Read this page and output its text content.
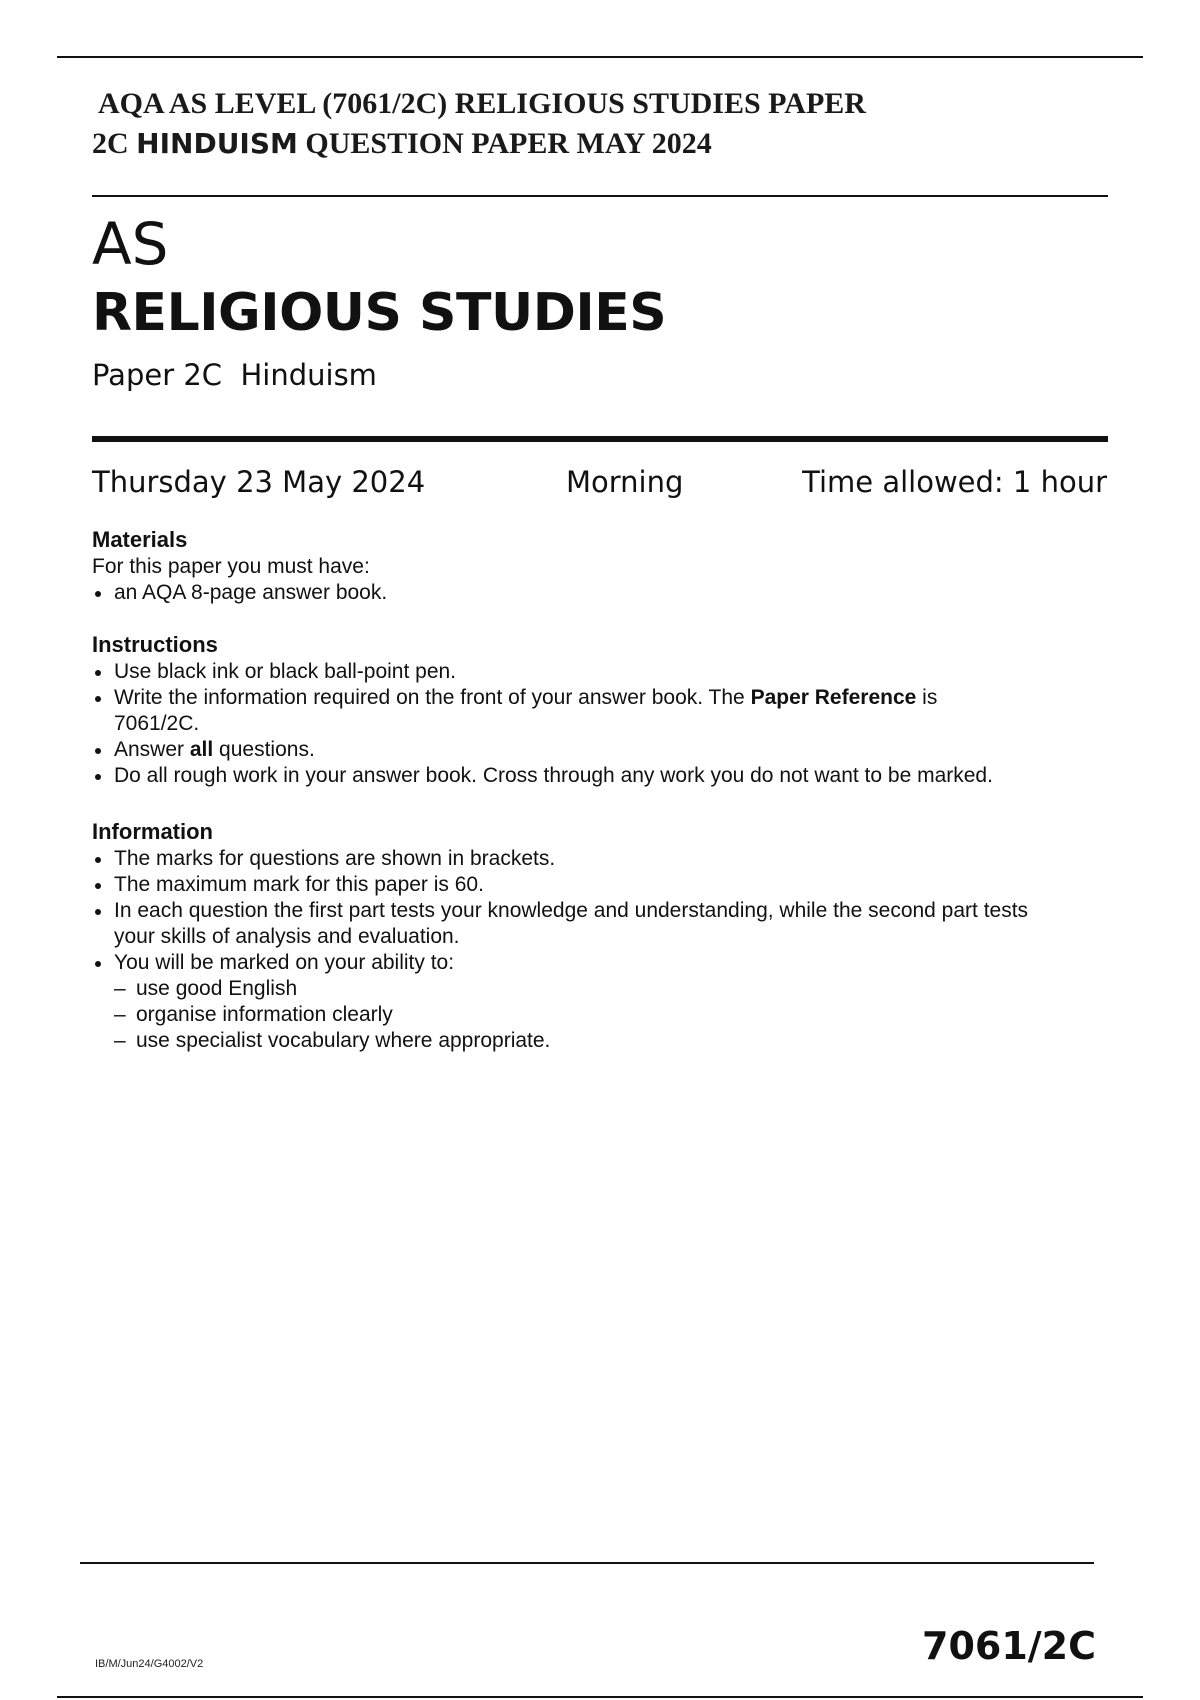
AQA AS LEVEL (7061/2C) RELIGIOUS STUDIES PAPER
2C HINDUISM QUESTION PAPER MAY 2024
AS
RELIGIOUS STUDIES
Paper 2C  Hinduism
Thursday 23 May 2024	Morning	Time allowed: 1 hour
Materials

For this paper you must have:

an AQA 8-page answer book.
Instructions
Use black ink or black ball-point pen.
Write the information required on the front of your answer book. The Paper Reference is
7061/2C.
Answer all questions.
Do all rough work in your answer book. Cross through any work you do not want to be marked.
Information
The marks for questions are shown in brackets.
The maximum mark for this paper is 60.
In each question the first part tests your knowledge and understanding, while the second part tests
your skills of analysis and evaluation.
You will be marked on your ability to:
– use good English
– organise information clearly
– use specialist vocabulary where appropriate.
IB/M/Jun24/G4002/V2	7061/2C
